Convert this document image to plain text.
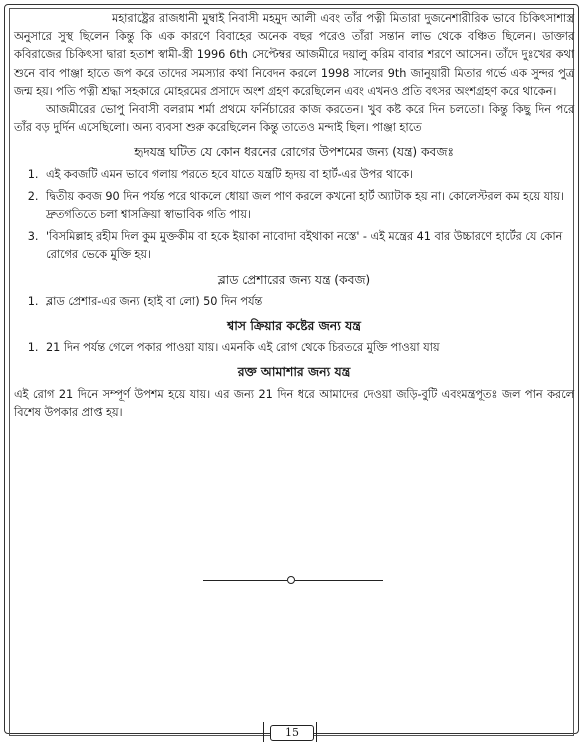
মহারাষ্ট্রের রাজধানী মুম্বাই নিবাসী মহমুদ আলী এবং তাঁর পত্নী মিতারা দুজনেশারীরিক ভাবে চিকিৎসাশাস্ত্র অনুসারে সুস্থ ছিলেন কিন্তু কি এক কারণে বিবাহের অনেক বছর পরেও তাঁরা সন্তান লাভ থেকে বঞ্চিত ছিলেন। ডাক্তার কবিরাজের চিকিৎসা দ্বারা হতাশ স্বামী-স্ত্রী 1996 6th সেপ্টেম্বর আজমীরে দয়ালু করিম বাবার শরণে আসেন। তাঁদে দুঃখের কথা শুনে বাব পাঞ্জা হাতে জপ করে তাদের সমস্যার কথা নিবেদন করলে 1998 সালের 9th জানুয়ারী মিতার গর্ভে এক সুন্দর পুত্র জন্ম হয়। পতি পত্নী শ্রদ্ধা সহকারে মোহরমের প্রসাদে অংশ গ্রহণ করেছিলেন এবং এখনও প্রতি বৎসর অংশগ্রহণ করে থাকেন।

আজমীরের ভোপু নিবাসী বলরাম শর্মা প্রথমে ফর্নিচারের কাজ করতেন। খুব কষ্ট করে দিন চলতো। কিন্তু কিছু দিন পরে তাঁর বড় দুর্দিন এসেছিলো। অন্য ব্যবসা শুরু করেছিলেন কিন্তু তাতেও মন্দাই ছিল। পাঞ্জা হাতে

হৃদযন্ত্র ঘটিত যে কোন ধরনের রোগের উপশমের জন্য (যন্ত্র) কবজঃ
1. এই কবজটি এমন ভাবে গলায় পরতে হবে যাতে যন্ত্রটি হৃদয় বা হার্ট-এর উপর থাকে।
2. দ্বিতীয় কবজ 90 দিন পর্যন্ত পরে থাকলে ধোয়া জল পাণ করলে কখনো হার্ট অ্যাটাক হয় না। কোলেস্টরল কম হয়ে যায়। দ্রুতগতিতে চলা শ্বাসক্রিয়া স্বাভাবিক গতি পায়।
3. 'বিসমিল্লাহ রহীম দিল কুম মুক্তকীম বা হকে ইয়াকা নাবোদা বইথাকা নস্তে' - এই মন্ত্রের 41 বার উচ্চারণে হার্টের যে কোন রোগের ভেকে মুক্তি হয়।
ব্লাড প্রেশারের জন্য যন্ত্র (কবজ)
1. ব্লাড প্রেশার-এর জন্য (হাই বা লো) 50 দিন পর্যন্ত
শ্বাস ক্রিয়ার কষ্টের জন্য যন্ত্র
1. 21 দিন পর্যন্ত গেলে পকার পাওয়া যায়। এমনকি এই রোগ থেকে চিরতরে মুক্তি পাওয়া যায়
রক্ত আমাশার জন্য যন্ত্র

এই রোগ 21 দিনে সম্পূর্ণ উপশম হয়ে যায়। এর জন্য 21 দিন ধরে আমাদের দেওয়া জড়ি-বুটি এবংমন্ত্রপূতঃ জল পান করলে বিশেষ উপকার প্রাপ্ত হয়।

15
